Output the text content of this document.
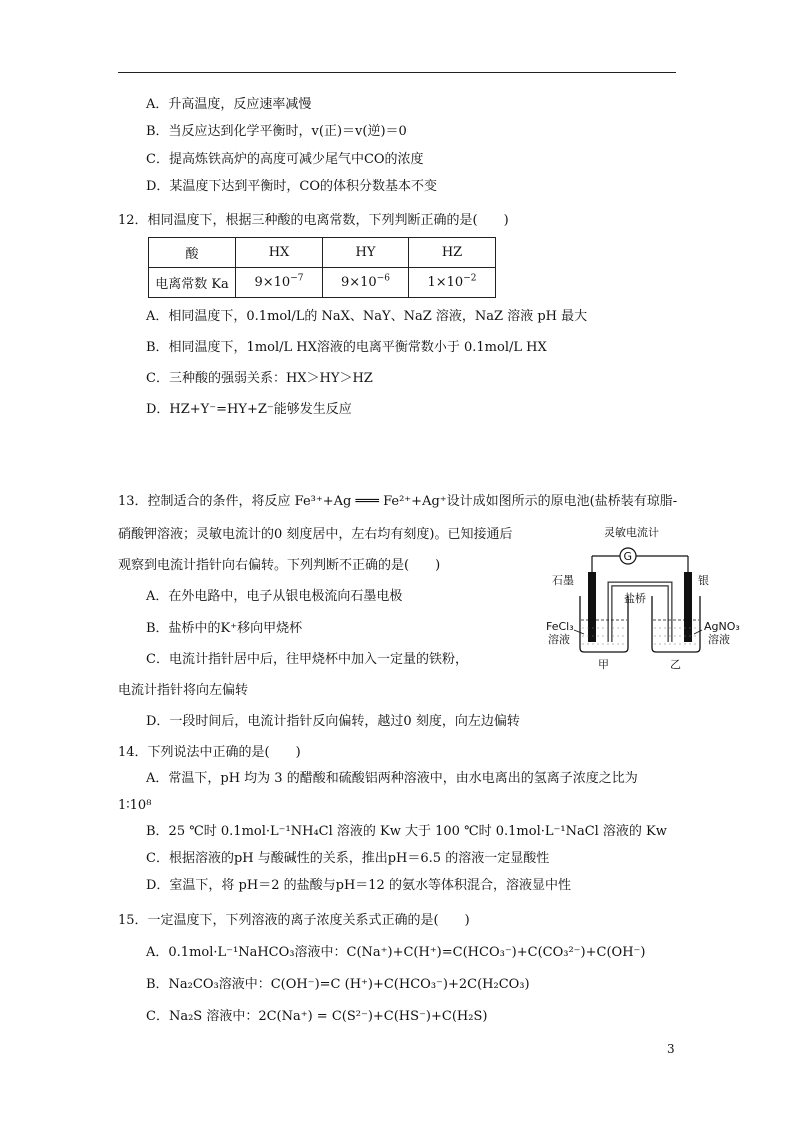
A．升高温度，反应速率减慢
B．当反应达到化学平衡时，v(正)＝v(逆)＝0
C．提高炼铁高炉的高度可减少尾气中CO的浓度
D．某温度下达到平衡时，CO的体积分数基本不变
12．相同温度下，根据三种酸的电离常数，下列判断正确的是(　　)
酸	HX	HY	HZ
电离常数 Ka	$9\times 10^{-7}$	$9\times 10^{-6}$	$1\times 10^{-2}$
A．相同温度下，0.1mol/L的 NaX、NaY、NaZ 溶液，NaZ 溶液 pH 最大
B．相同温度下，1mol/L HX溶液的电离平衡常数小于 0.1mol/L HX
C．三种酸的强弱关系：HX＞HY＞HZ
D．HZ+Y⁻=HY+Z⁻能够发生反应
13．控制适合的条件，将反应 Fe³⁺+Ag ═══ Fe²⁺+Ag⁺设计成如图所示的原电池(盐桥装有琼脂-
硝酸钾溶液；灵敏电流计的0 刻度居中，左右均有刻度)。已知接通后
观察到电流计指针向右偏转。下列判断不正确的是(　　)
A．在外电路中，电子从银电极流向石墨电极
B．盐桥中的K⁺移向甲烧杯
C．电流计指针居中后，往甲烧杯中加入一定量的铁粉，
电流计指针将向左偏转
D．一段时间后，电流计指针反向偏转，越过0 刻度，向左边偏转
灵敏电流计
G
石墨	银
盐桥
FeCl₃
溶液
AgNO₃
溶液
甲	乙
14．下列说法中正确的是(　　)
A．常温下，pH 均为 3 的醋酸和硫酸铝两种溶液中，由水电离出的氢离子浓度之比为
1∶10⁸
B．25 ℃时 0.1mol·L⁻¹NH₄Cl 溶液的 Kw 大于 100 ℃时 0.1mol·L⁻¹NaCl 溶液的 Kw
C．根据溶液的pH 与酸碱性的关系，推出pH＝6.5 的溶液一定显酸性
D．室温下，将 pH＝2 的盐酸与pH＝12 的氨水等体积混合，溶液显中性
15．一定温度下，下列溶液的离子浓度关系式正确的是(　　)
A．0.1mol·L⁻¹NaHCO₃溶液中：C(Na⁺)+C(H⁺)=C(HCO₃⁻)+C(CO₃²⁻)+C(OH⁻)
B．Na₂CO₃溶液中：C(OH⁻)=C (H⁺)+C(HCO₃⁻)+2C(H₂CO₃)
C．Na₂S 溶液中：2C(Na⁺) = C(S²⁻)+C(HS⁻)+C(H₂S)
3
